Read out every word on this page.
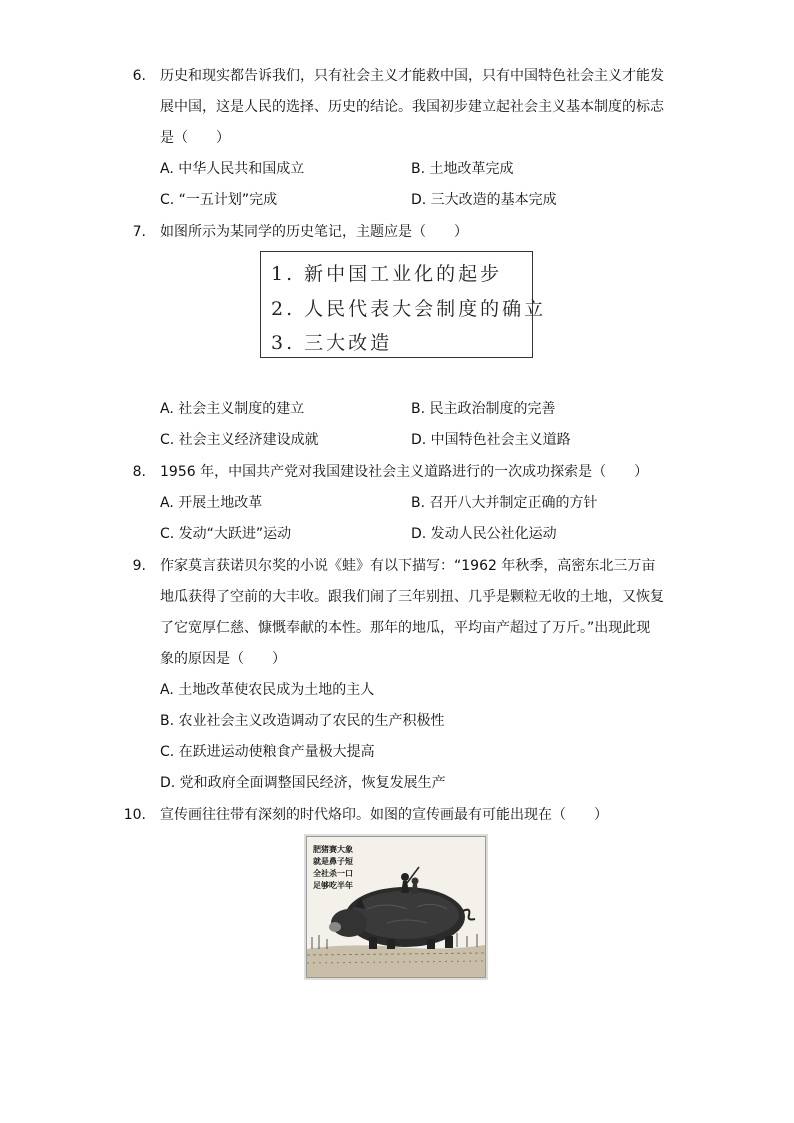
6. 历史和现实都告诉我们，只有社会主义才能救中国，只有中国特色社会主义才能发
展中国，这是人民的选择、历史的结论。我国初步建立起社会主义基本制度的标志
是（　　）
A. 中华人民共和国成立	B. 土地改革完成
C. “一五计划”完成	D. 三大改造的基本完成
7. 如图所示为某同学的历史笔记，主题应是（　　）
1. 新中国工业化的起步
2. 人民代表大会制度的确立
3. 三大改造
A. 社会主义制度的建立	B. 民主政治制度的完善
C. 社会主义经济建设成就	D. 中国特色社会主义道路
8. 1956 年，中国共产党对我国建设社会主义道路进行的一次成功探索是（　　）
A. 开展土地改革	B. 召开八大并制定正确的方针
C. 发动“大跃进”运动	D. 发动人民公社化运动
9. 作家莫言获诺贝尔奖的小说《蛙》有以下描写：“1962 年秋季，高密东北三万亩
地瓜获得了空前的大丰收。跟我们闹了三年别扭、几乎是颗粒无收的土地，又恢复
了它宽厚仁慈、慷慨奉献的本性。那年的地瓜，平均亩产超过了万斤。”出现此现
象的原因是（　　）
A. 土地改革使农民成为土地的主人
B. 农业社会主义改造调动了农民的生产积极性
C. 在跃进运动使粮食产量极大提高
D. 党和政府全面调整国民经济，恢复发展生产
10. 宣传画往往带有深刻的时代烙印。如图的宣传画最有可能出现在（　　）
肥猪赛大象
就是鼻子短
全社杀一口
足够吃半年
